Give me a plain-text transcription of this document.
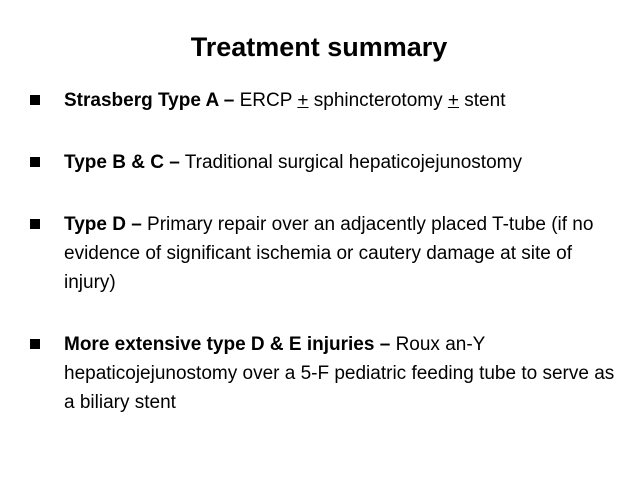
Treatment summary
Strasberg Type A – ERCP + sphincterotomy + stent
Type B & C – Traditional surgical hepaticojejunostomy
Type D – Primary repair over an adjacently placed T-tube (if no evidence of significant ischemia or cautery damage at site of injury)
More extensive type D & E injuries – Roux an-Y hepaticojejunostomy over a 5-F pediatric feeding tube to serve as a biliary stent
